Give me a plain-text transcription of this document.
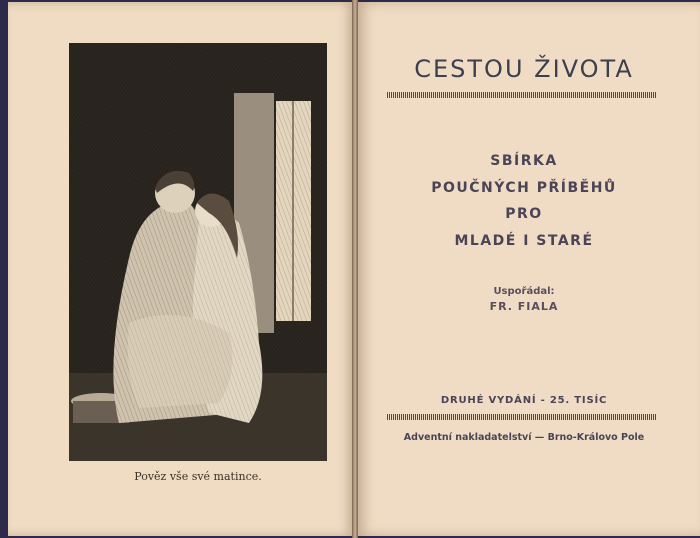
Pověz vše své matince.
CESTOU ŽIVOTA
SBÍRKA
POUČNÝCH PŘÍBĚHŮ
PRO
MLADÉ I STARÉ
Uspořádal:
FR. FIALA
DRUHÉ VYDÁNÍ - 25. TISÍC
Adventní nakladatelství — Brno-Královo Pole
